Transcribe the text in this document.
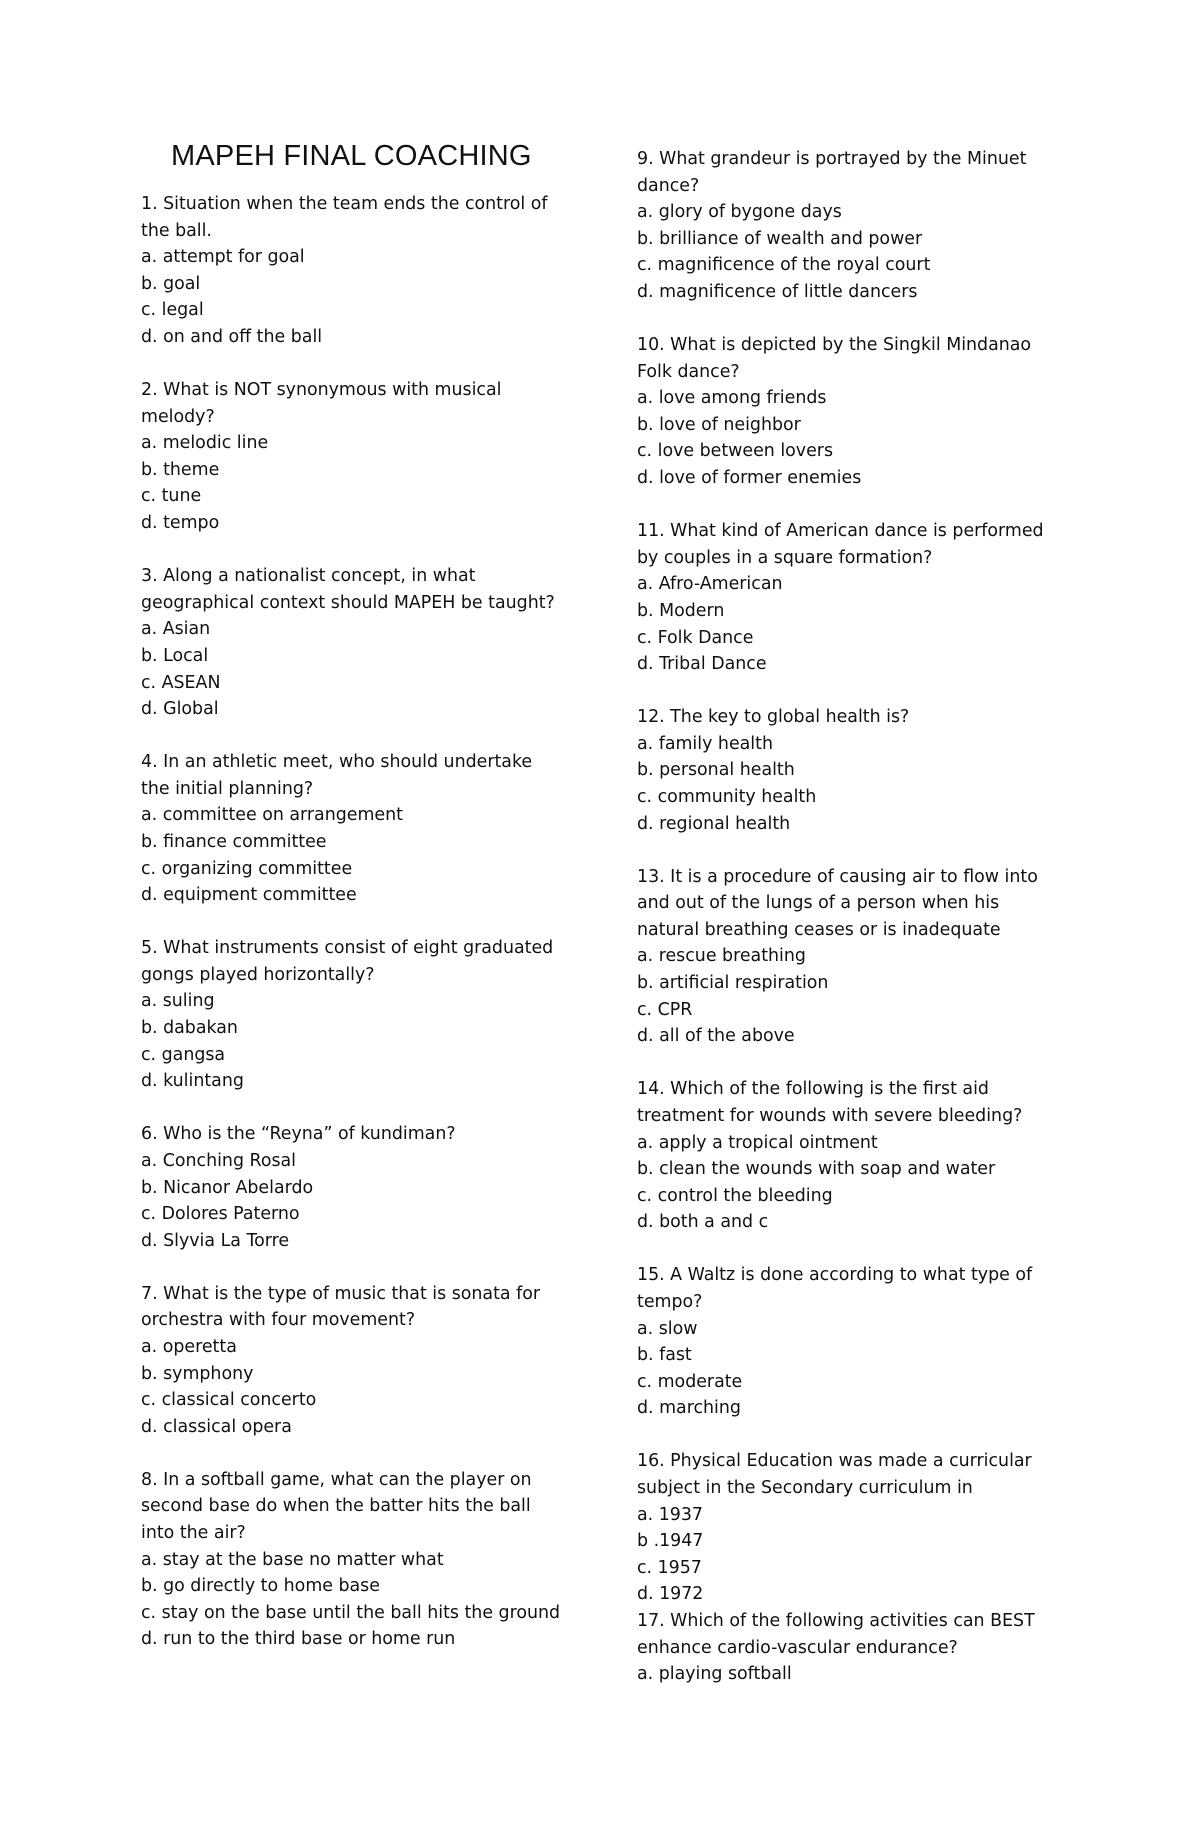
MAPEH FINAL COACHING
1. Situation when the team ends the control of
the ball.
a. attempt for goal
b. goal
c. legal
d. on and off the ball
2. What is NOT synonymous with musical
melody?
a. melodic line
b. theme
c. tune
d. tempo
3. Along a nationalist concept, in what
geographical context should MAPEH be taught?
a. Asian
b. Local
c. ASEAN
d. Global
4. In an athletic meet, who should undertake
the initial planning?
a. committee on arrangement
b. finance committee
c. organizing committee
d. equipment committee
5. What instruments consist of eight graduated
gongs played horizontally?
a. suling
b. dabakan
c. gangsa
d. kulintang
6. Who is the “Reyna” of kundiman?
a. Conching Rosal
b. Nicanor Abelardo
c. Dolores Paterno
d. Slyvia La Torre
7. What is the type of music that is sonata for
orchestra with four movement?
a. operetta
b. symphony
c. classical concerto
d. classical opera
8. In a softball game, what can the player on
second base do when the batter hits the ball
into the air?
a. stay at the base no matter what
b. go directly to home base
c. stay on the base until the ball hits the ground
d. run to the third base or home run
9. What grandeur is portrayed by the Minuet
dance?
a. glory of bygone days
b. brilliance of wealth and power
c. magnificence of the royal court
d. magnificence of little dancers
10. What is depicted by the Singkil Mindanao
Folk dance?
a. love among friends
b. love of neighbor
c. love between lovers
d. love of former enemies
11. What kind of American dance is performed
by couples in a square formation?
a. Afro-American
b. Modern
c. Folk Dance
d. Tribal Dance
12. The key to global health is?
a. family health
b. personal health
c. community health
d. regional health
13. It is a procedure of causing air to flow into
and out of the lungs of a person when his
natural breathing ceases or is inadequate
a. rescue breathing
b. artificial respiration
c. CPR
d. all of the above
14. Which of the following is the first aid
treatment for wounds with severe bleeding?
a. apply a tropical ointment
b. clean the wounds with soap and water
c. control the bleeding
d. both a and c
15. A Waltz is done according to what type of
tempo?
a. slow
b. fast
c. moderate
d. marching
16. Physical Education was made a curricular
subject in the Secondary curriculum in
a. 1937
b .1947
c. 1957
d. 1972
17. Which of the following activities can BEST
enhance cardio-vascular endurance?
a. playing softball
